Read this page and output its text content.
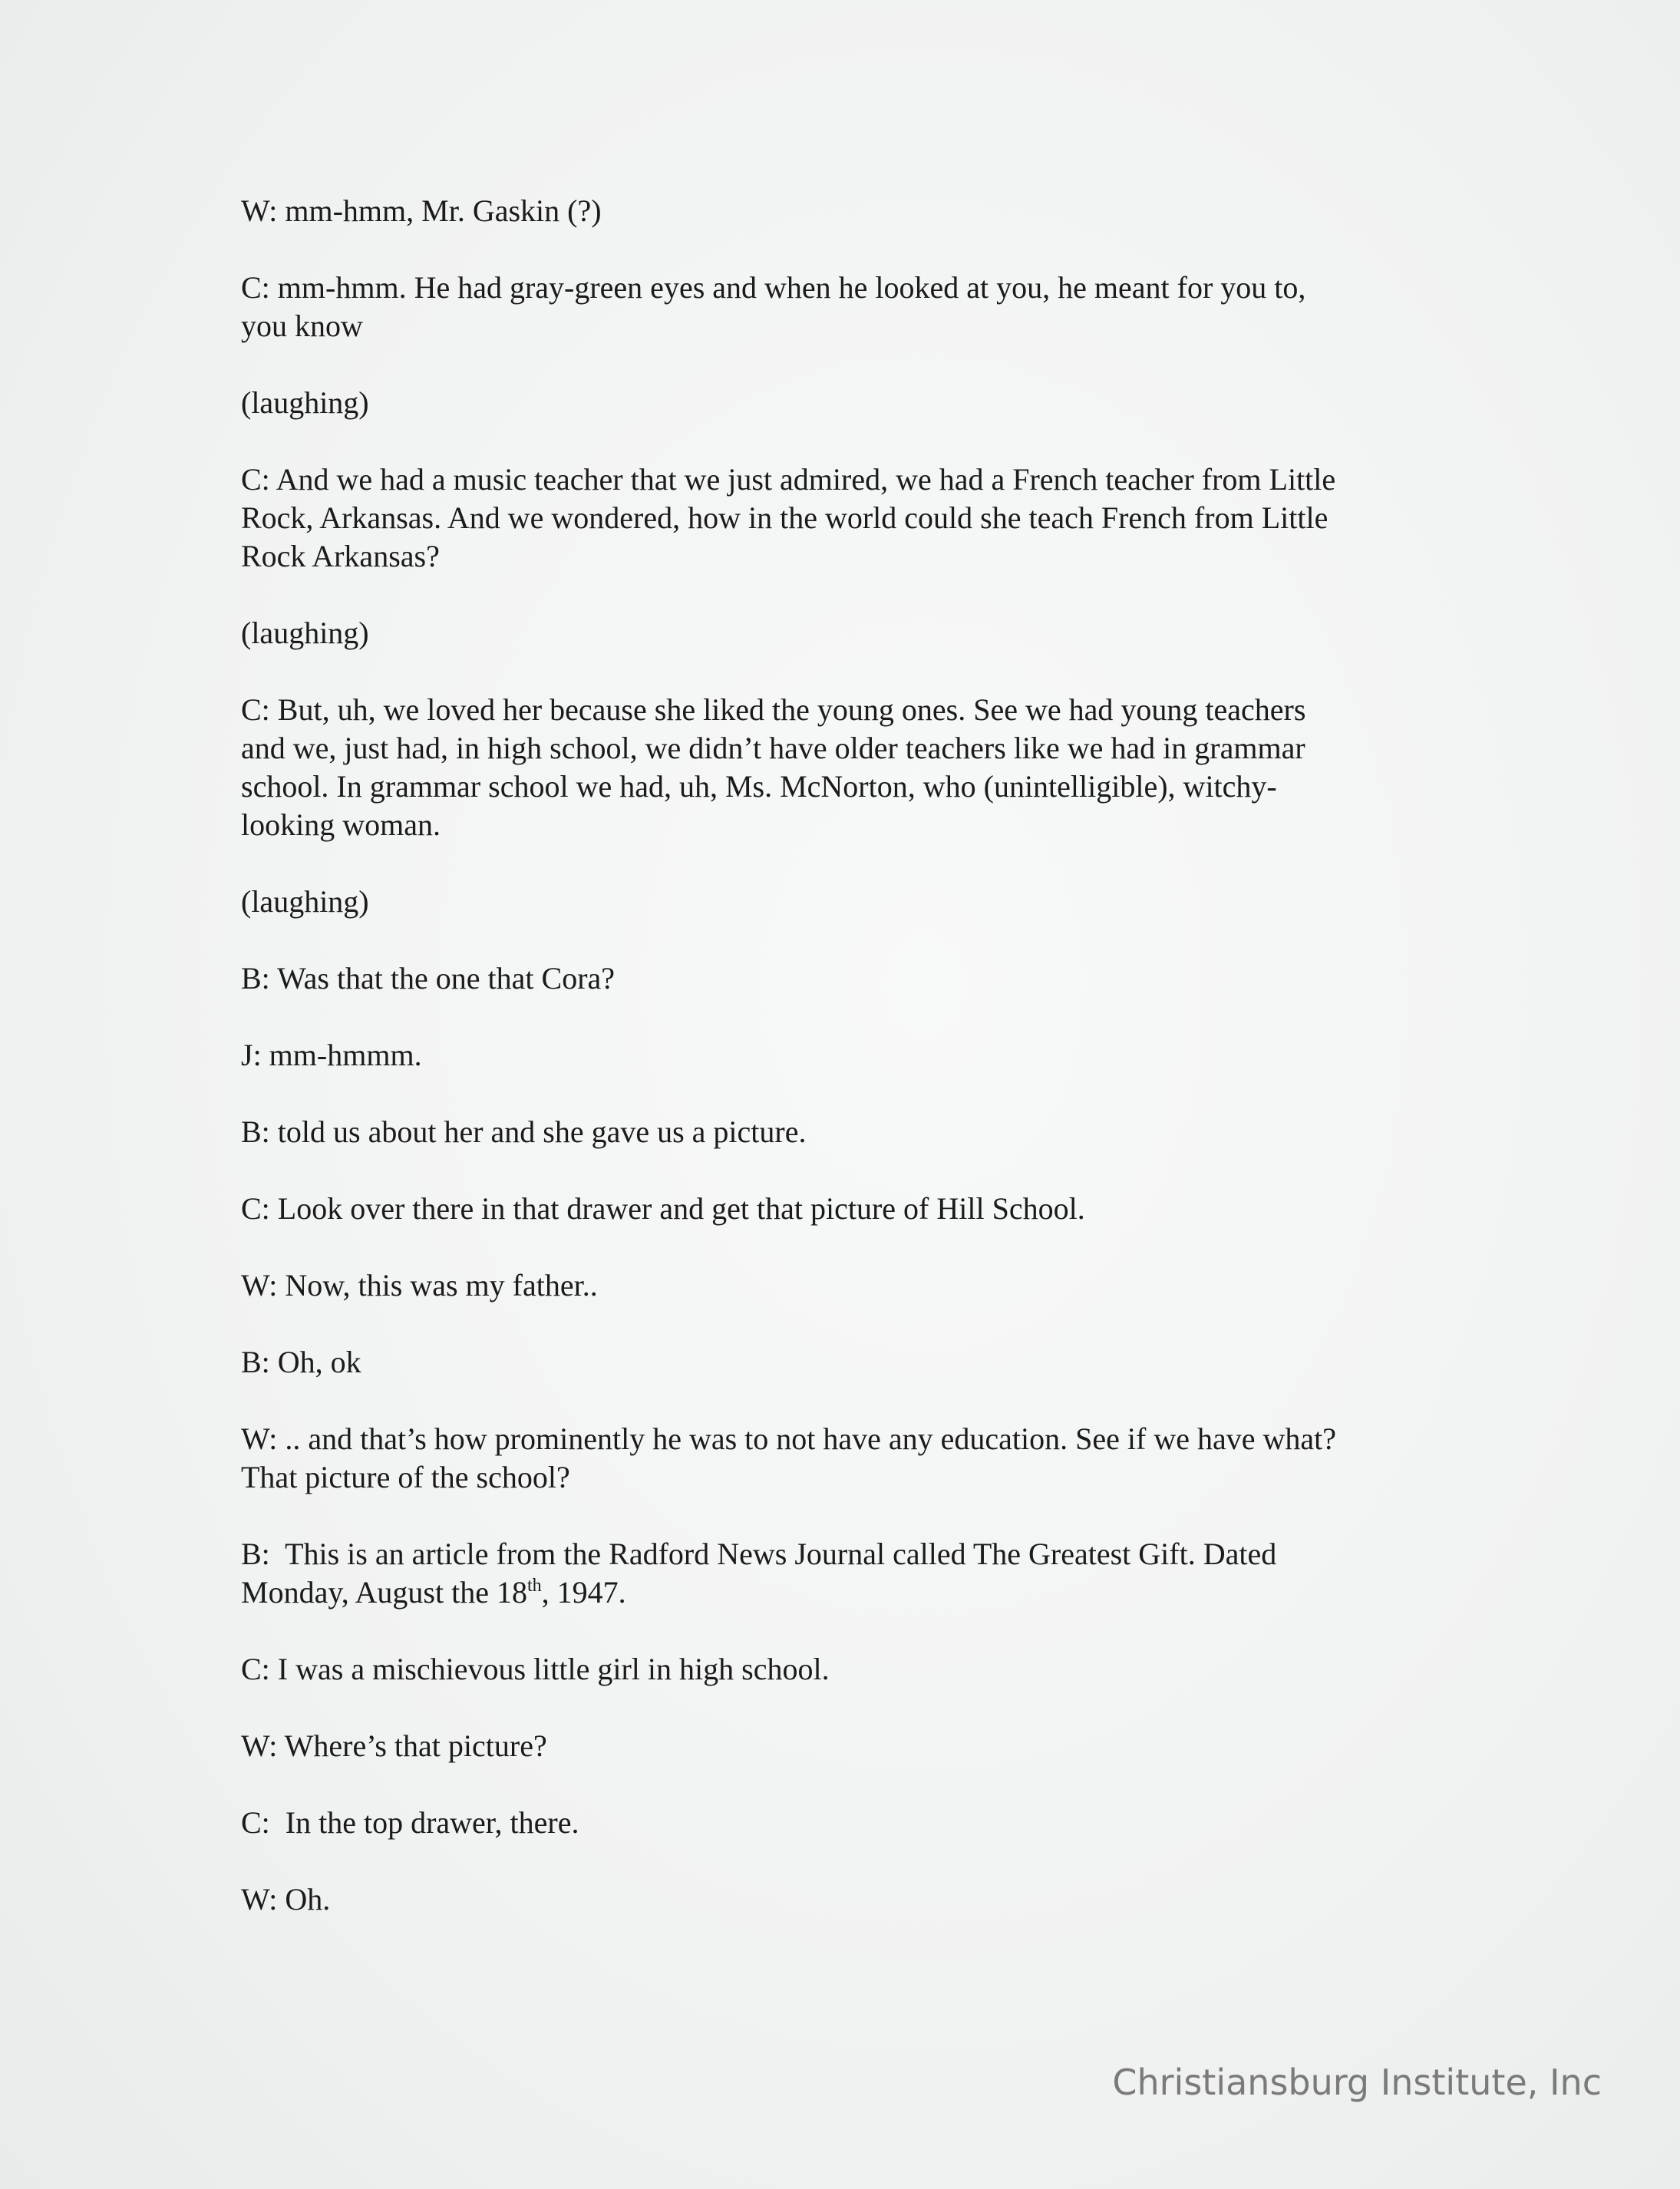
W: mm-hmm, Mr. Gaskin (?)

C: mm-hmm. He had gray-green eyes and when he looked at you, he meant for you to,
you know

(laughing)

C: And we had a music teacher that we just admired, we had a French teacher from Little
Rock, Arkansas. And we wondered, how in the world could she teach French from Little
Rock Arkansas?

(laughing)

C: But, uh, we loved her because she liked the young ones. See we had young teachers
and we, just had, in high school, we didn’t have older teachers like we had in grammar
school. In grammar school we had, uh, Ms. McNorton, who (unintelligible), witchy-
looking woman.

(laughing)

B: Was that the one that Cora?

J: mm-hmmm.

B: told us about her and she gave us a picture.

C: Look over there in that drawer and get that picture of Hill School.

W: Now, this was my father..

B: Oh, ok

W: .. and that’s how prominently he was to not have any education. See if we have what?
That picture of the school?

B:  This is an article from the Radford News Journal called The Greatest Gift. Dated
Monday, August the 18th, 1947.

C: I was a mischievous little girl in high school.

W: Where’s that picture?

C:  In the top drawer, there.

W: Oh.

Christiansburg Institute, Inc
